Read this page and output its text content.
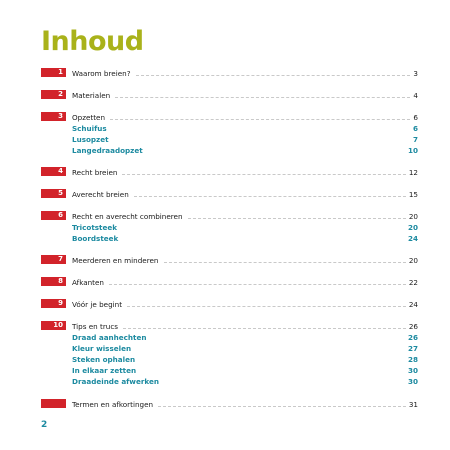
Inhoud
1	Waarom breien?	3
2	Materialen	4
3	Opzetten	6
Schuifus	6
Lusopzet	7
Langedraadopzet	10
4	Recht breien	12
5	Averecht breien	15
6	Recht en averecht combineren	20
Tricotsteek	20
Boordsteek	24
7	Meerderen en minderen	20
8	Afkanten	22
9	Vóór je begint	24
10	Tips en trucs	26
Draad aanhechten	26
Kleur wisselen	27
Steken ophalen	28
In elkaar zetten	30
Draadeinde afwerken	30
Termen en afkortingen	31
2
